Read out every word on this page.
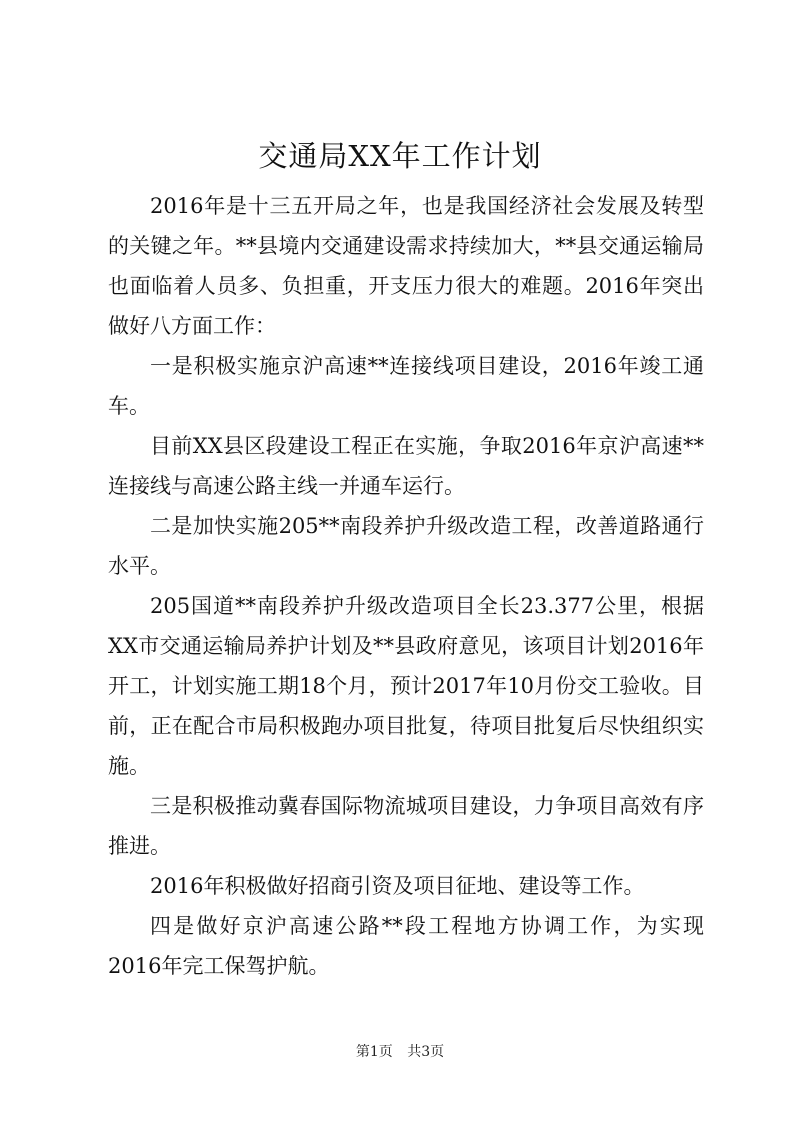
交通局XX年工作计划

2016年是十三五开局之年，也是我国经济社会发展及转型的关键之年。**县境内交通建设需求持续加大，**县交通运输局也面临着人员多、负担重，开支压力很大的难题。2016年突出做好八方面工作：

一是积极实施京沪高速**连接线项目建设，2016年竣工通车。

目前XX县区段建设工程正在实施，争取2016年京沪高速**连接线与高速公路主线一并通车运行。

二是加快实施205**南段养护升级改造工程，改善道路通行水平。

205国道**南段养护升级改造项目全长23.377公里，根据XX市交通运输局养护计划及**县政府意见，该项目计划2016年开工，计划实施工期18个月，预计2017年10月份交工验收。目前，正在配合市局积极跑办项目批复，待项目批复后尽快组织实施。

三是积极推动冀春国际物流城项目建设，力争项目高效有序推进。

2016年积极做好招商引资及项目征地、建设等工作。

四是做好京沪高速公路**段工程地方协调工作，为实现2016年完工保驾护航。

第1页 共3页
